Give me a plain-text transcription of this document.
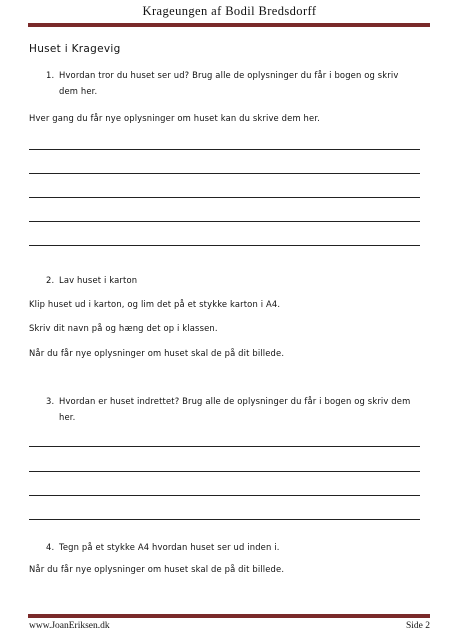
Krageungen af Bodil Bredsdorff
Huset i Kragevig
1. Hvordan tror du huset ser ud? Brug alle de oplysninger du får i bogen og skriv dem her.
Hver gang du får nye oplysninger om huset kan du skrive dem her.
2. Lav huset i karton
Klip huset ud i karton, og lim det på et stykke karton i A4.
Skriv dit navn på og hæng det op i klassen.
Når du får nye oplysninger om huset skal de på dit billede.
3. Hvordan er huset indrettet? Brug alle de oplysninger du får i bogen og skriv dem her.
4. Tegn på et stykke A4 hvordan huset ser ud inden i.
Når du får nye oplysninger om huset skal de på dit billede.
www.JoanEriksen.dk	Side 2
